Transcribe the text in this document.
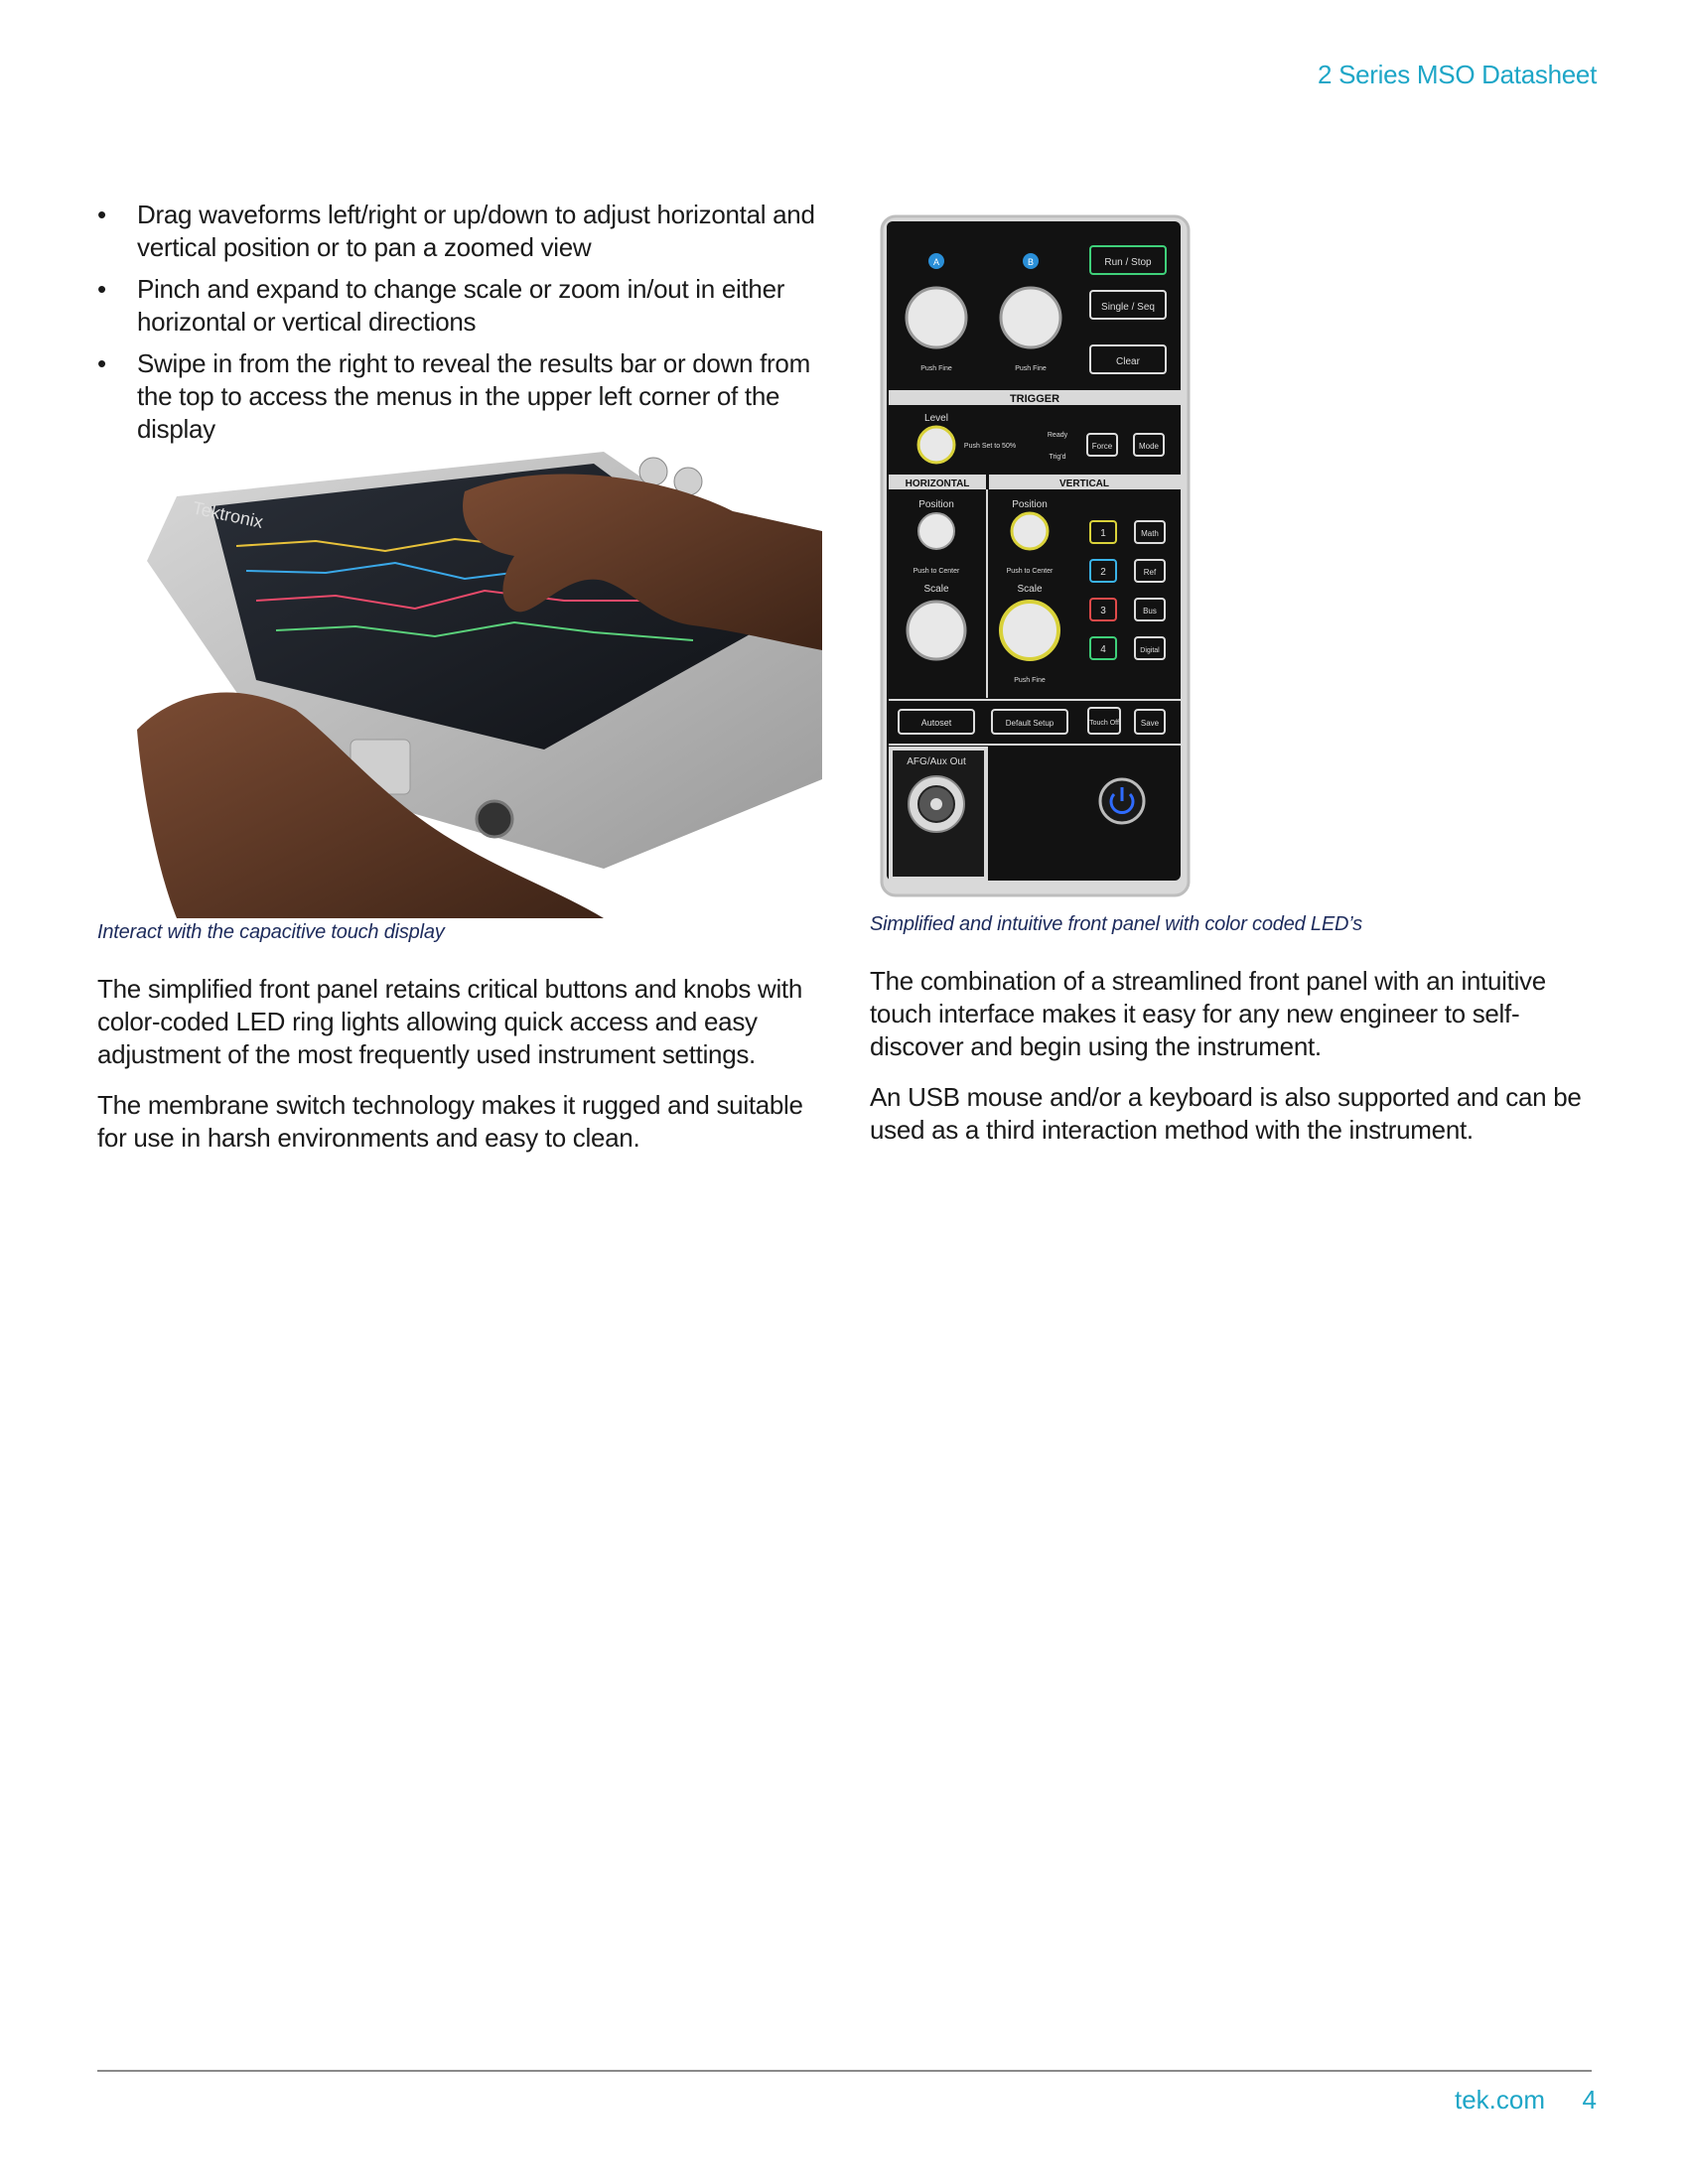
2 Series MSO Datasheet
• Drag waveforms left/right or up/down to adjust horizontal and vertical position or to pan a zoomed view
• Pinch and expand to change scale or zoom in/out in either horizontal or vertical directions
• Swipe in from the right to reveal the results bar or down from the top to access the menus in the upper left corner of the display
Tektronix
Interact with the capacitive touch display

The simplified front panel retains critical buttons and knobs with color-coded LED ring lights allowing quick access and easy adjustment of the most frequently used instrument settings.

The membrane switch technology makes it rugged and suitable for use in harsh environments and easy to clean.

A	B
Push Fine	Push Fine
Run / Stop
Single / Seq
Clear
TRIGGER
Level
Push Set to 50%
Ready
Trig'd
Force	Mode
HORIZONTAL	VERTICAL
Position
Push to Center
Scale
Position
Push to Center
Scale
Push Fine
1
2
3
4
Math
Ref
Bus
Digital
Autoset	Default Setup	Touch Off	Save
AFG/Aux Out
Simplified and intuitive front panel with color coded LED’s

The combination of a streamlined front panel with an intuitive touch interface makes it easy for any new engineer to self-discover and begin using the instrument.

An USB mouse and/or a keyboard is also supported and can be used as a third interaction method with the instrument.

tek.com 4
